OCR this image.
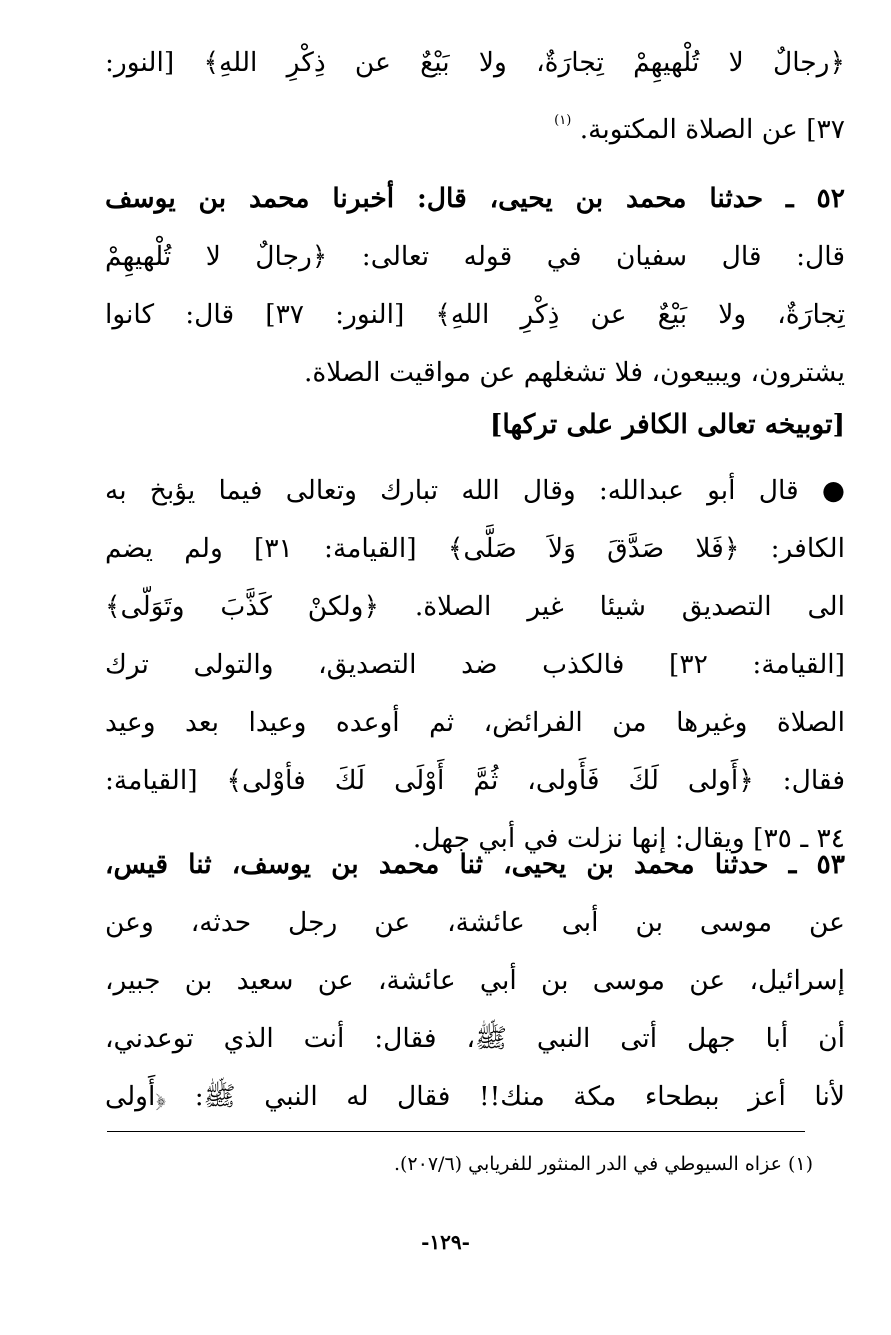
﴿رجالٌ لا تُلْهيهِمْ تِجارَةٌ، ولا بَيْعٌ عن ذِكْرِ اللهِ﴾ [النور:
٣٧] عن الصلاة المكتوبة. $^{(١)}$
٥٢ ـ حدثنا محمد بن يحيى، قال: أخبرنا محمد بن يوسف
قال: قال سفيان في قوله تعالى: ﴿رجالٌ لا تُلْهيهِمْ
تِجارَةٌ، ولا بَيْعٌ عن ذِكْرِ اللهِ﴾ [النور: ٣٧] قال: كانوا
يشترون، ويبيعون، فلا تشغلهم عن مواقيت الصلاة.
[توبيخه تعالى الكافر على تركها]
● قال أبو عبدالله: وقال الله تبارك وتعالى فيما يؤبخ به
الكافر: ﴿فَلا صَدَّقَ وَلاَ صَلَّى﴾ [القيامة: ٣١] ولم يضم
الى التصديق شيئا غير الصلاة. ﴿ولكنْ كَذَّبَ وتَوَلّى﴾
[القيامة: ٣٢] فالكذب ضد التصديق، والتولى ترك
الصلاة وغيرها من الفرائض، ثم أوعده وعيدا بعد وعيد
فقال: ﴿أَولى لَكَ فَأَولى، ثُمَّ أَوْلَى لَكَ فأوْلى﴾ [القيامة:
٣٤ ـ ٣٥] ويقال: إنها نزلت في أبي جهل.
٥٣ ـ حدثنا محمد بن يحيى، ثنا محمد بن يوسف، ثنا قيس،
عن موسى بن أبى عائشة، عن رجل حدثه، وعن
إسرائيل، عن موسى بن أبي عائشة، عن سعيد بن جبير،
أن أبا جهل أتى النبي ﷺ، فقال: أنت الذي توعدني،
لأنا أعز ببطحاء مكة منك!! فقال له النبي ﷺ: ﴿أَولى
(١) عزاه السيوطي في الدر المنثور للفريابي (٢٠٧/٦).
-١٢٩-
